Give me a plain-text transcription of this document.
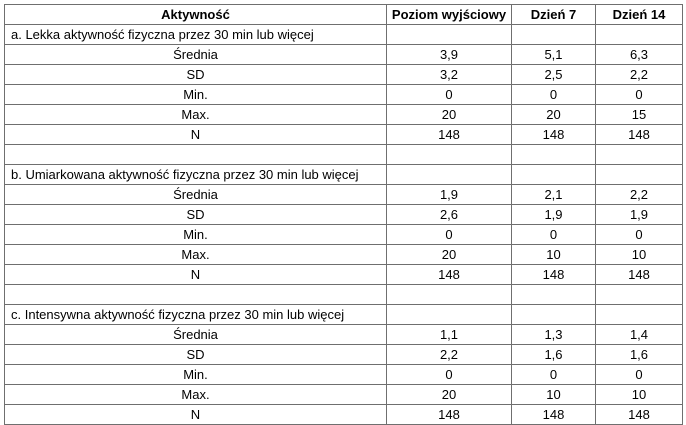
Aktywność	Poziom wyjściowy	Dzień 7	Dzień 14
a. Lekka aktywność fizyczna przez 30 min lub więcej			
Średnia	3,9	5,1	6,3
SD	3,2	2,5	2,2
Min.	0	0	0
Max.	20	20	15
N	148	148	148

b. Umiarkowana aktywność fizyczna przez 30 min lub więcej			
Średnia	1,9	2,1	2,2
SD	2,6	1,9	1,9
Min.	0	0	0
Max.	20	10	10
N	148	148	148

c. Intensywna aktywność fizyczna przez 30 min lub więcej			
Średnia	1,1	1,3	1,4
SD	2,2	1,6	1,6
Min.	0	0	0
Max.	20	10	10
N	148	148	148
